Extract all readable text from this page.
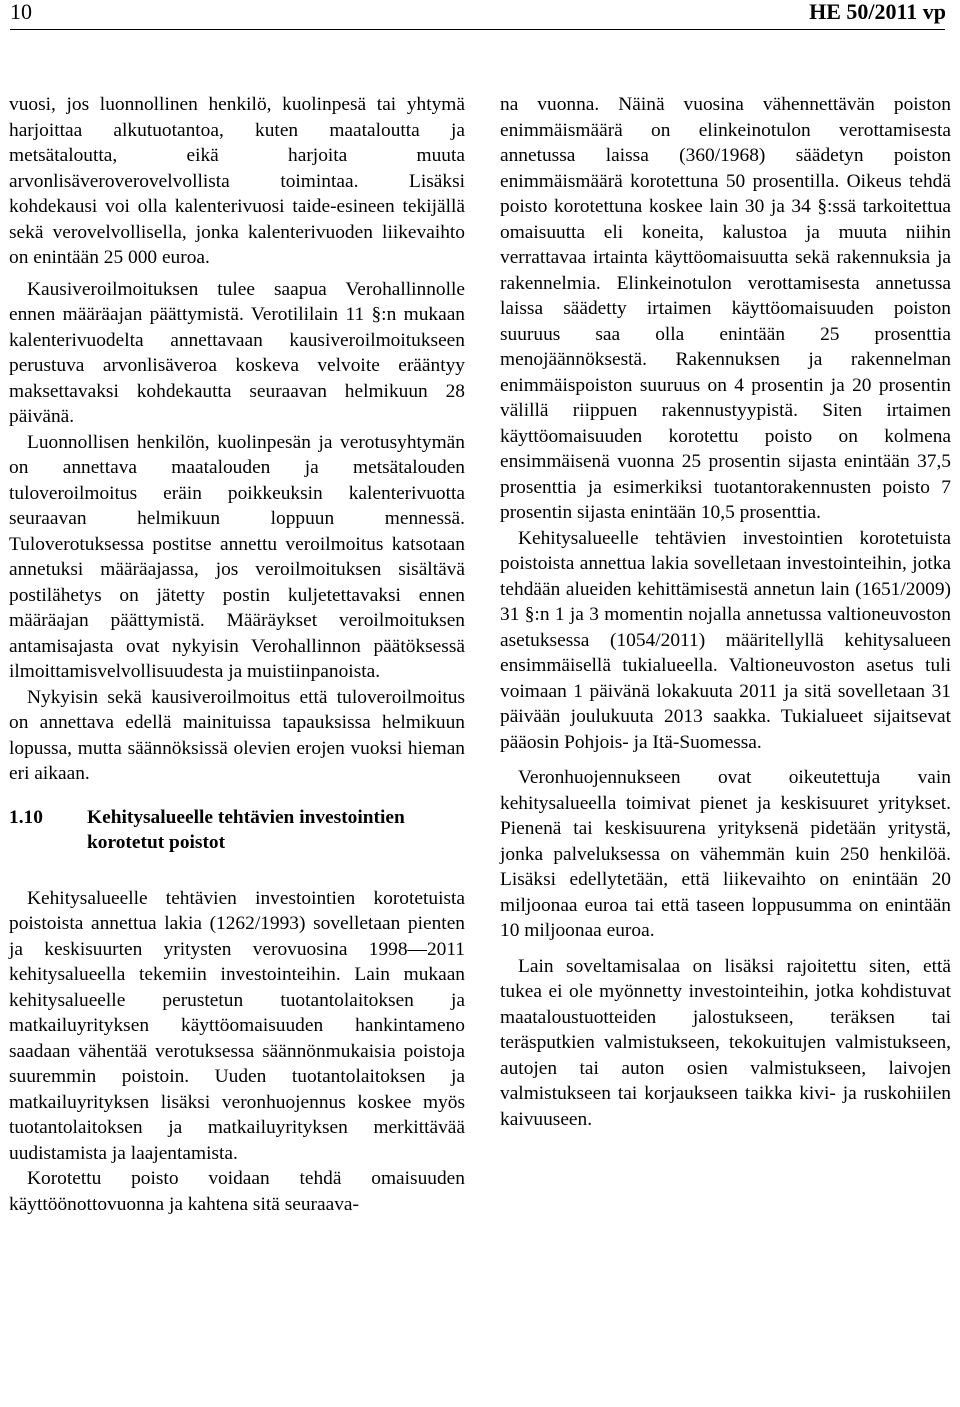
10	HE 50/2011 vp

vuosi, jos luonnollinen henkilö, kuolinpesä tai yhtymä harjoittaa alkutuotantoa, kuten maataloutta ja metsätaloutta, eikä harjoita muuta arvonlisäveroverovelvollista toimintaa. Lisäksi kohdekausi voi olla kalenterivuosi taide-esineen tekijällä sekä verovelvollisella, jonka kalenterivuoden liikevaihto on enintään 25 000 euroa.

Kausiveroilmoituksen tulee saapua Verohallinnolle ennen määräajan päättymistä. Verotililain 11 §:n mukaan kalenterivuodelta annettavaan kausiveroilmoitukseen perustuva arvonlisäveroa koskeva velvoite erääntyy maksettavaksi kohdekautta seuraavan helmikuun 28 päivänä.

Luonnollisen henkilön, kuolinpesän ja verotusyhtymän on annettava maatalouden ja metsätalouden tuloveroilmoitus eräin poikkeuksin kalenterivuotta seuraavan helmikuun loppuun mennessä. Tuloverotuksessa postitse annettu veroilmoitus katsotaan annetuksi määräajassa, jos veroilmoituksen sisältävä postilähetys on jätetty postin kuljetettavaksi ennen määräajan päättymistä. Määräykset veroilmoituksen antamisajasta ovat nykyisin Verohallinnon päätöksessä ilmoittamisvelvollisuudesta ja muistiinpanoista.

Nykyisin sekä kausiveroilmoitus että tuloveroilmoitus on annettava edellä mainituissa tapauksissa helmikuun lopussa, mutta säännöksissä olevien erojen vuoksi hieman eri aikaan.

1.10	Kehitysalueelle tehtävien investointien korotetut poistot

Kehitysalueelle tehtävien investointien korotetuista poistoista annettua lakia (1262/1993) sovelletaan pienten ja keskisuurten yritysten verovuosina 1998—2011 kehitysalueella tekemiin investointeihin. Lain mukaan kehitysalueelle perustetun tuotantolaitoksen ja matkailuyrityksen käyttöomaisuuden hankintameno saadaan vähentää verotuksessa säännönmukaisia poistoja suuremmin poistoin. Uuden tuotantolaitoksen ja matkailuyrityksen lisäksi veronhuojennus koskee myös tuotantolaitoksen ja matkailuyrityksen merkittävää uudistamista ja laajentamista.

Korotettu poisto voidaan tehdä omaisuuden käyttöönottovuonna ja kahtena sitä seuraava-

na vuonna. Näinä vuosina vähennettävän poiston enimmäismäärä on elinkeinotulon verottamisesta annetussa laissa (360/1968) säädetyn poiston enimmäismäärä korotettuna 50 prosentilla. Oikeus tehdä poisto korotettuna koskee lain 30 ja 34 §:ssä tarkoitettua omaisuutta eli koneita, kalustoa ja muuta niihin verrattavaa irtainta käyttöomaisuutta sekä rakennuksia ja rakennelmia. Elinkeinotulon verottamisesta annetussa laissa säädetty irtaimen käyttöomaisuuden poiston suuruus saa olla enintään 25 prosenttia menojäännöksestä. Rakennuksen ja rakennelman enimmäispoiston suuruus on 4 prosentin ja 20 prosentin välillä riippuen rakennustyypistä. Siten irtaimen käyttöomaisuuden korotettu poisto on kolmena ensimmäisenä vuonna 25 prosentin sijasta enintään 37,5 prosenttia ja esimerkiksi tuotantorakennusten poisto 7 prosentin sijasta enintään 10,5 prosenttia.

Kehitysalueelle tehtävien investointien korotetuista poistoista annettua lakia sovelletaan investointeihin, jotka tehdään alueiden kehittämisestä annetun lain (1651/2009) 31 §:n 1 ja 3 momentin nojalla annetussa valtioneuvoston asetuksessa (1054/2011) määritellyllä kehitysalueen ensimmäisellä tukialueella. Valtioneuvoston asetus tuli voimaan 1 päivänä lokakuuta 2011 ja sitä sovelletaan 31 päivään joulukuuta 2013 saakka. Tukialueet sijaitsevat pääosin Pohjois- ja Itä-Suomessa.

Veronhuojennukseen ovat oikeutettuja vain kehitysalueella toimivat pienet ja keskisuuret yritykset. Pienenä tai keskisuurena yrityksenä pidetään yritystä, jonka palveluksessa on vähemmän kuin 250 henkilöä. Lisäksi edellytetään, että liikevaihto on enintään 20 miljoonaa euroa tai että taseen loppusumma on enintään 10 miljoonaa euroa.

Lain soveltamisalaa on lisäksi rajoitettu siten, että tukea ei ole myönnetty investointeihin, jotka kohdistuvat maataloustuotteiden jalostukseen, teräksen tai teräsputkien valmistukseen, tekokuitujen valmistukseen, autojen tai auton osien valmistukseen, laivojen valmistukseen tai korjaukseen taikka kivi- ja ruskohiilen kaivuuseen.
